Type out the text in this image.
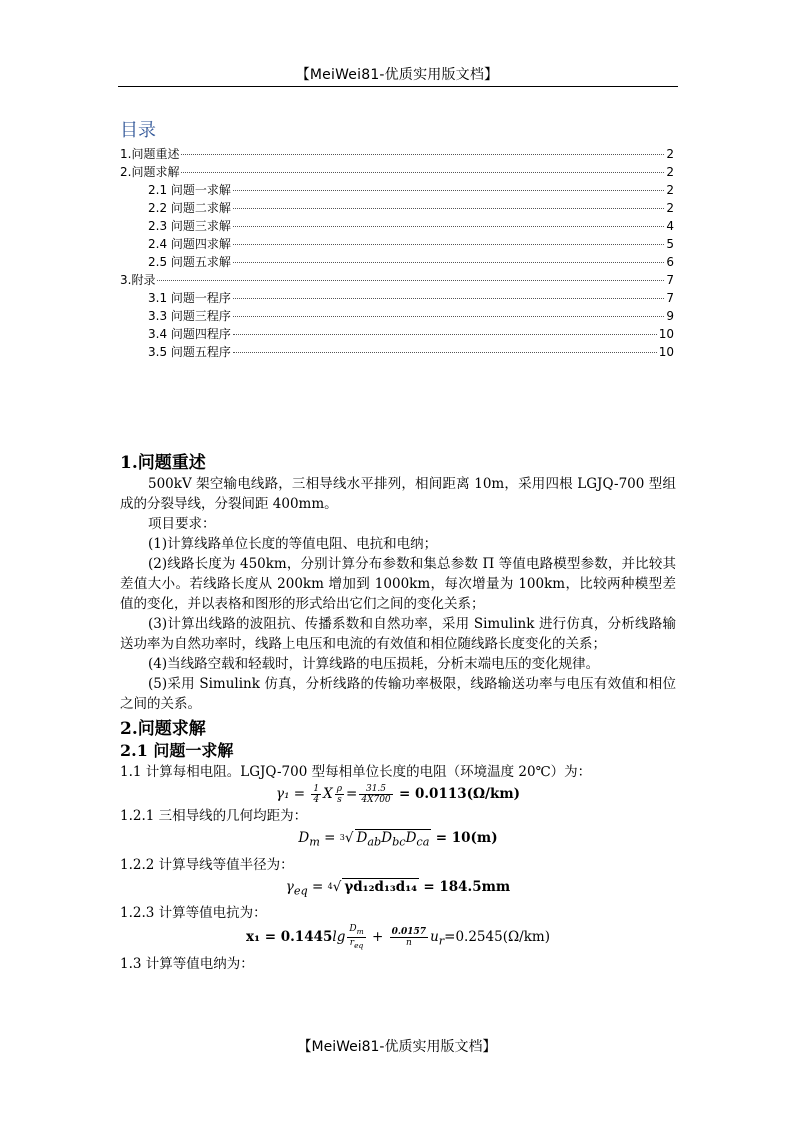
【MeiWei81-优质实用版文档】
目录
1.问题重述	2
2.问题求解	2
2.1 问题一求解	2
2.2 问题二求解	2
2.3 问题三求解	4
2.4 问题四求解	5
2.5 问题五求解	6
3.附录	7
3.1 问题一程序	7
3.3 问题三程序	9
3.4 问题四程序	10
3.5 问题五程序	10
1.问题重述

500kV 架空输电线路，三相导线水平排列，相间距离 10m，采用四根 LGJQ-700 型组成的分裂导线，分裂间距 400mm。

项目要求：

(1)计算线路单位长度的等值电阻、电抗和电纳；

(2)线路长度为 450km，分别计算分布参数和集总参数 Π 等值电路模型参数，并比较其差值大小。若线路长度从 200km 增加到 1000km，每次增量为 100km，比较两种模型差值的变化，并以表格和图形的形式给出它们之间的变化关系；

(3)计算出线路的波阻抗、传播系数和自然功率，采用 Simulink 进行仿真，分析线路输送功率为自然功率时，线路上电压和电流的有效值和相位随线路长度变化的关系；

(4)当线路空载和轻载时，计算线路的电压损耗，分析末端电压的变化规律。

(5)采用 Simulink 仿真，分析线路的传输功率极限，线路输送功率与电压有效值和相位之间的关系。

2.问题求解
2.1 问题一求解

1.1 计算每相电阻。LGJQ-700 型每相单位长度的电阻（环境温度 20℃）为：

$\gamma_1 = \frac{1}{4}$ X $\frac{\rho}{s} = \frac{31.5}{4X700} = 0.0113(\Omega/km)$

1.2.1 三相导线的几何均距为：

$D_m = ^3√$ $D_{ab}D_{bc}D_{ca} = 10(m)$

1.2.2 计算导线等值半径为：

$\gamma_{eq} = ^4√$ γd₁₂d₁₃d₁₄ = 184.5mm

1.2.3 计算等值电抗为：

$x_1 = 0.1445\lg \frac{D_m}{r_{eq}} + \frac{0.0157}{n} u_r=0.2545(\Omega/km)$

1.3 计算等值电纳为：

【MeiWei81-优质实用版文档】
